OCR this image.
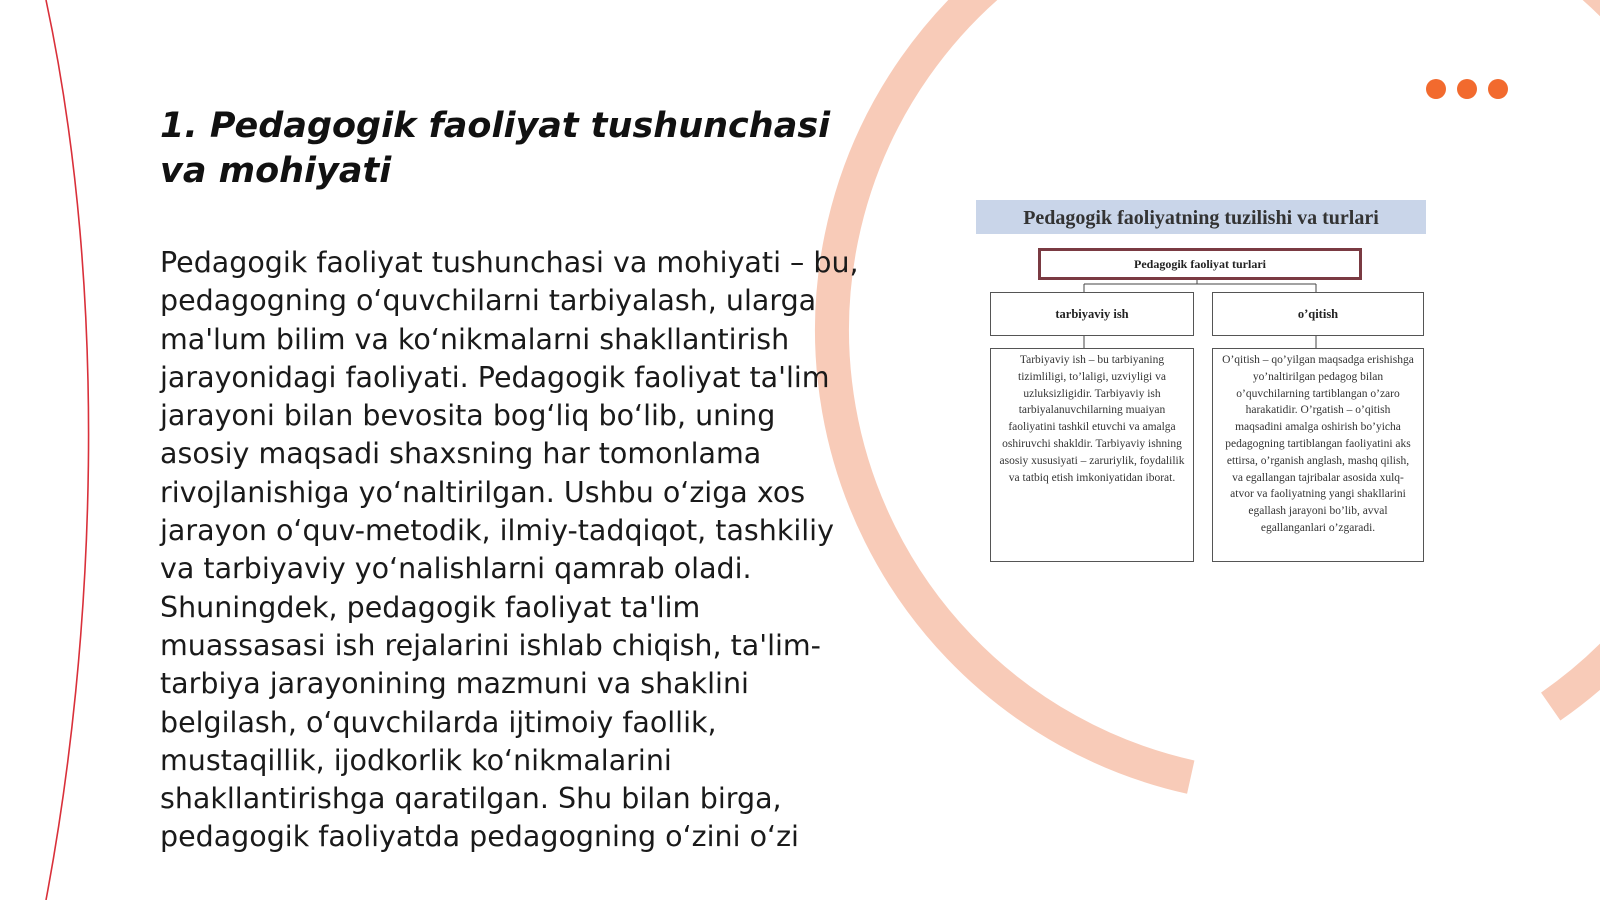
1. Pedagogik faoliyat tushunchasi va mohiyati

Pedagogik faoliyat tushunchasi va mohiyati – bu, pedagogning o‘quvchilarni tarbiyalash, ularga ma'lum bilim va ko‘nikmalarni shakllantirish jarayonidagi faoliyati. Pedagogik faoliyat ta'lim jarayoni bilan bevosita bog‘liq bo‘lib, uning asosiy maqsadi shaxsning har tomonlama rivojlanishiga yo‘naltirilgan. Ushbu o‘ziga xos jarayon o‘quv-metodik, ilmiy-tadqiqot, tashkiliy va tarbiyaviy yo‘nalishlarni qamrab oladi. Shuningdek, pedagogik faoliyat ta'lim muassasasi ish rejalarini ishlab chiqish, ta'lim-tarbiya jarayonining mazmuni va shaklini belgilash, o‘quvchilarda ijtimoiy faollik, mustaqillik, ijodkorlik ko‘nikmalarini shakllantirishga qaratilgan. Shu bilan birga, pedagogik faoliyatda pedagogning o‘zini o‘zi

Pedagogik faoliyatning tuzilishi va turlari
Pedagogik faoliyat turlari
tarbiyaviy ish	o’qitish
Tarbiyaviy ish – bu tarbiyaning tizimliligi, to’laligi, uzviyligi va uzluksizligidir. Tarbiyaviy ish tarbiyalanuvchilarning muaiyan faoliyatini tashkil etuvchi va amalga oshiruvchi shakldir. Tarbiyaviy ishning asosiy xususiyati – zaruriylik, foydalilik va tatbiq etish imkoniyatidan iborat.
O’qitish – qo’yilgan maqsadga erishishga yo’naltirilgan pedagog bilan o’quvchilarning tartiblangan o’zaro harakatidir. O’rgatish – o’qitish maqsadini amalga oshirish bo’yicha pedagogning tartiblangan faoliyatini aks ettirsa, o’rganish anglash, mashq qilish, va egallangan tajribalar asosida xulq-atvor va faoliyatning yangi shakllarini egallash jarayoni bo’lib, avval egallanganlari o’zgaradi.
